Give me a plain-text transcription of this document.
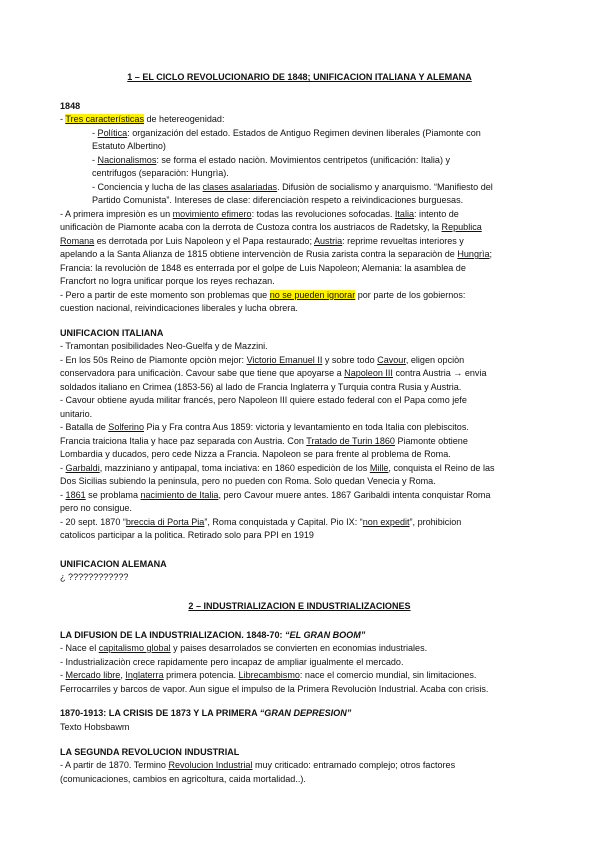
1 – EL CICLO REVOLUCIONARIO DE 1848; UNIFICACION ITALIANA Y ALEMANA
1848
- Tres características de hetereogenidad:
- Política: organización del estado. Estados de Antiguo Regimen devinen liberales (Piamonte con
Estatuto Albertino)
- Nacionalismos: se forma el estado naciòn. Movimientos centripetos (unificación: Italia) y
centrifugos (separaciòn: Hungrìa).
- Conciencia y lucha de las clases asalariadas. Difusiòn de socialismo y anarquismo. “Manifiesto del
Partido Comunista”. Intereses de clase: diferenciaciòn respeto a reivindicaciones burguesas.
- A primera impresiòn es un movimiento efimero: todas las revoluciones sofocadas. Italia: intento de
unificaciòn de Piamonte acaba con la derrota de Custoza contra los austriacos de Radetsky, la Republica
Romana es derrotada por Luis Napoleon y el Papa restaurado; Austria: reprime revueltas interiores y
apelando a la Santa Alianza de 1815 obtiene intervenciòn de Rusia zarista contra la separaciòn de Hungrìa;
Francia: la revoluciòn de 1848 es enterrada por el golpe de Luis Napoleon; Alemania: la asamblea de
Francfort no logra unificar porque los reyes rechazan.
- Pero a partir de este momento son problemas que no se pueden ignorar por parte de los gobiernos:
cuestion nacional, reivindicaciones liberales y lucha obrera.
UNIFICACION ITALIANA
- Tramontan posibilidades Neo-Guelfa y de Mazzini.
- En los 50s Reino de Piamonte opciòn mejor: Victorio Emanuel II y sobre todo Cavour, eligen opciòn
conservadora para unificaciòn. Cavour sabe que tiene que apoyarse a Napoleon III contra Austria → envia
soldados italiano en Crimea (1853-56) al lado de Francia Inglaterra y Turquia contra Rusia y Austria.
- Cavour obtiene ayuda militar francés, pero Napoleon III quiere estado federal con el Papa como jefe
unitario.
- Batalla de Solferino Pia y Fra contra Aus 1859: victoria y levantamiento en toda Italia con plebiscitos.
Francia traiciona Italia y hace paz separada con Austria. Con Tratado de Turin 1860 Piamonte obtiene
Lombardia y ducados, pero cede Nizza a Francia. Napoleon se para frente al problema de Roma.
- Garbaldi, mazziniano y antipapal, toma inciativa: en 1860 espediciòn de los Mille, conquista el Reino de las
Dos Sicilias subiendo la peninsula, pero no pueden con Roma. Solo quedan Venecia y Roma.
- 1861 se problama nacimiento de Italia, pero Cavour muere antes. 1867 Garibaldi intenta conquistar Roma
pero no consigue.
- 20 sept. 1870 “breccia di Porta Pia”, Roma conquistada y Capital. Pio IX: “non expedit”, prohibicion
catolicos participar a la politica. Retirado solo para PPI en 1919
UNIFICACION ALEMANA
¿ ????????????
2 – INDUSTRIALIZACION E INDUSTRIALIZACIONES
LA DIFUSION DE LA INDUSTRIALIZACION. 1848-70: “EL GRAN BOOM”
- Nace el capitalismo global y paises desarrolados se convierten en economias industriales.
- Industrializaciòn crece rapidamente pero incapaz de ampliar igualmente el mercado.
- Mercado libre, Inglaterra primera potencia. Librecambismo: nace el comercio mundial, sin limitaciones.
Ferrocarriles y barcos de vapor. Aun sigue el impulso de la Primera Revoluciòn Industrial. Acaba con crisis.
1870-1913: LA CRISIS DE 1873 Y LA PRIMERA “GRAN DEPRESION”
Texto Hobsbawm
LA SEGUNDA REVOLUCION INDUSTRIAL
- A partir de 1870. Termino Revolucion Industrial muy criticado: entramado complejo; otros factores
(comunicaciones, cambios en agricoltura, caida mortalidad..).
